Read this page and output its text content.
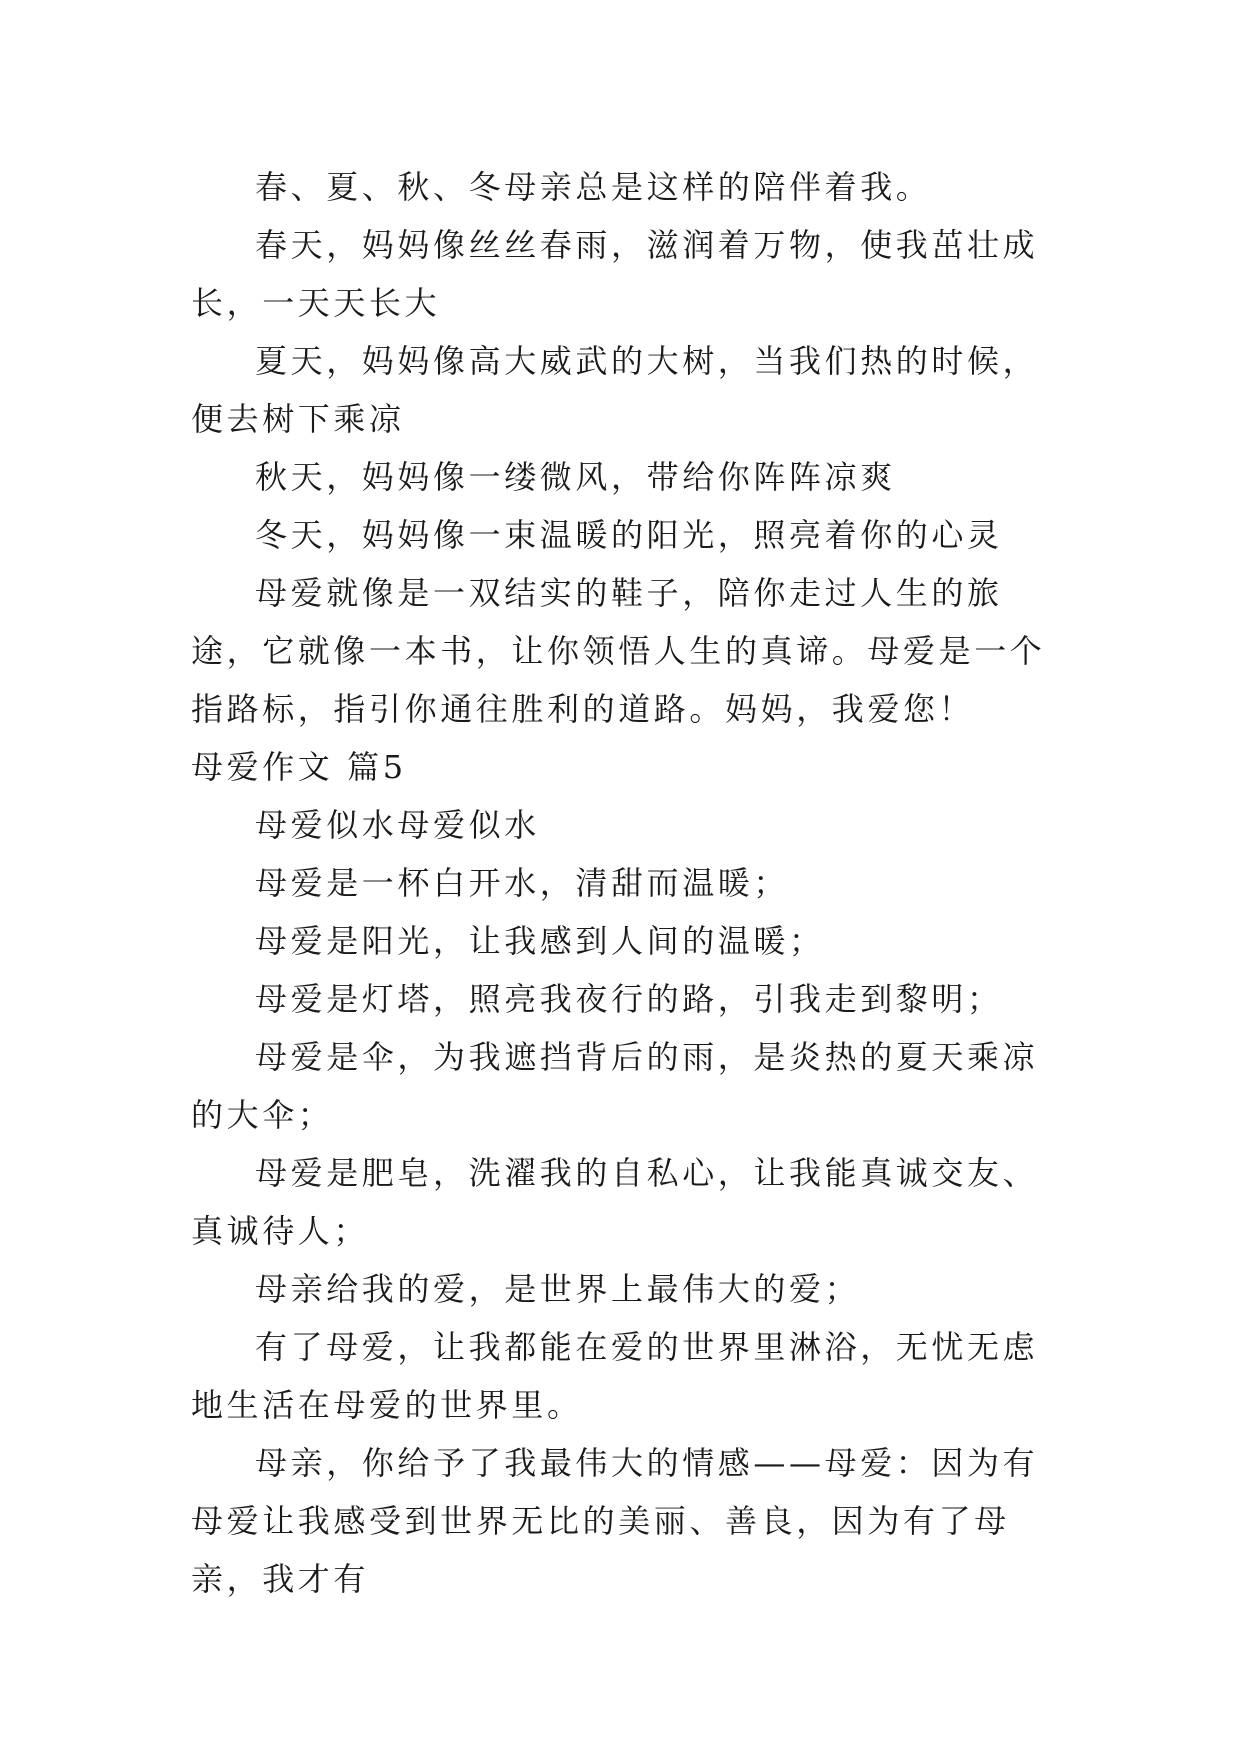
春、夏、秋、冬母亲总是这样的陪伴着我。

春天，妈妈像丝丝春雨，滋润着万物，使我茁壮成长，一天天长大

夏天，妈妈像高大威武的大树，当我们热的时候，便去树下乘凉

秋天，妈妈像一缕微风，带给你阵阵凉爽

冬天，妈妈像一束温暖的阳光，照亮着你的心灵

母爱就像是一双结实的鞋子，陪你走过人生的旅途，它就像一本书，让你领悟人生的真谛。母爱是一个指路标，指引你通往胜利的道路。妈妈，我爱您！

母爱作文 篇5

母爱似水母爱似水

母爱是一杯白开水，清甜而温暖；

母爱是阳光，让我感到人间的温暖；

母爱是灯塔，照亮我夜行的路，引我走到黎明；

母爱是伞，为我遮挡背后的雨，是炎热的夏天乘凉的大伞；

母爱是肥皂，洗濯我的自私心，让我能真诚交友、真诚待人；

母亲给我的爱，是世界上最伟大的爱；

有了母爱，让我都能在爱的世界里淋浴，无忧无虑地生活在母爱的世界里。

母亲，你给予了我最伟大的情感——母爱：因为有母爱让我感受到世界无比的美丽、善良，因为有了母亲，我才有
